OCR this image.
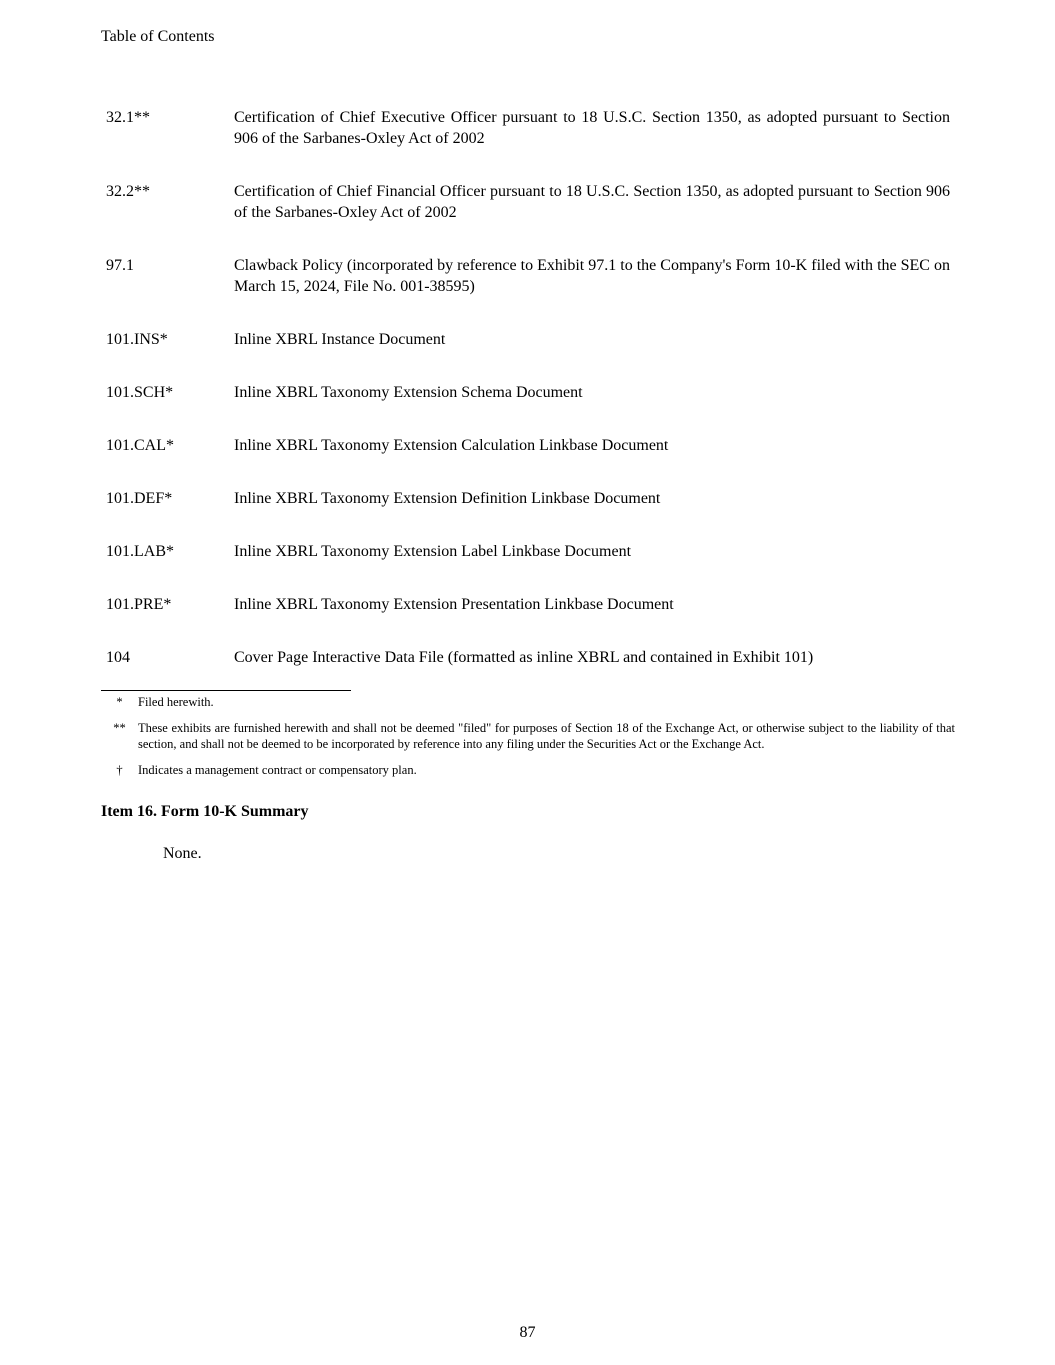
Table of Contents
32.1**	Certification of Chief Executive Officer pursuant to 18 U.S.C. Section 1350, as adopted pursuant to Section 906 of the Sarbanes-Oxley Act of 2002
32.2**	Certification of Chief Financial Officer pursuant to 18 U.S.C. Section 1350, as adopted pursuant to Section 906 of the Sarbanes-Oxley Act of 2002
97.1	Clawback Policy (incorporated by reference to Exhibit 97.1 to the Company's Form 10-K filed with the SEC on March 15, 2024, File No. 001-38595)
101.INS*	Inline XBRL Instance Document
101.SCH*	Inline XBRL Taxonomy Extension Schema Document
101.CAL*	Inline XBRL Taxonomy Extension Calculation Linkbase Document
101.DEF*	Inline XBRL Taxonomy Extension Definition Linkbase Document
101.LAB*	Inline XBRL Taxonomy Extension Label Linkbase Document
101.PRE*	Inline XBRL Taxonomy Extension Presentation Linkbase Document
104	Cover Page Interactive Data File (formatted as inline XBRL and contained in Exhibit 101)
*	Filed herewith.
** These exhibits are furnished herewith and shall not be deemed "filed" for purposes of Section 18 of the Exchange Act, or otherwise subject to the liability of that section, and shall not be deemed to be incorporated by reference into any filing under the Securities Act or the Exchange Act.
†	Indicates a management contract or compensatory plan.
Item 16. Form 10-K Summary
None.
87
